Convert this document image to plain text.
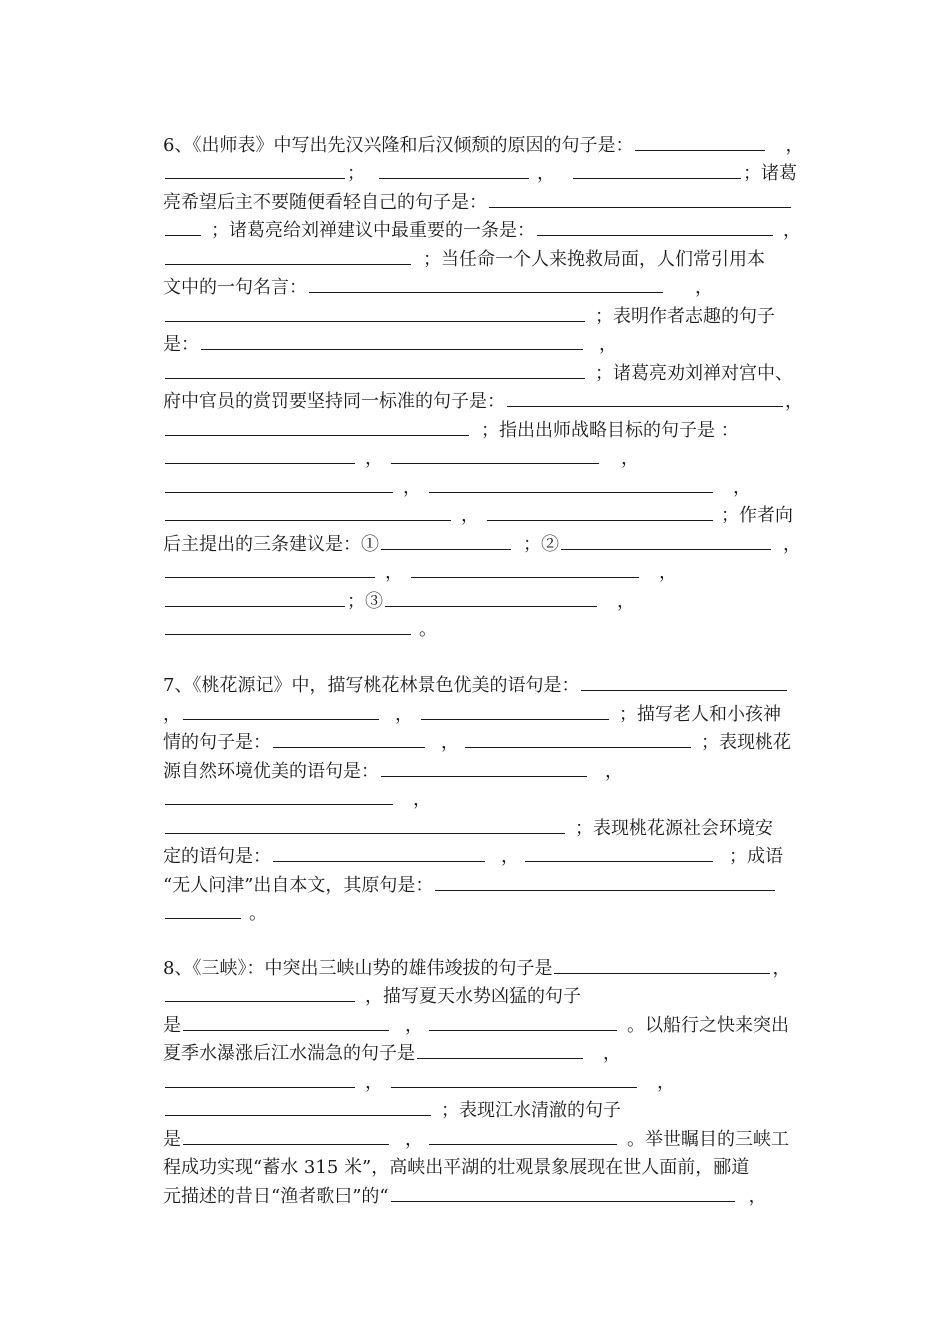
6、《出师表》中写出先汉兴隆和后汉倾颓的原因的句子是：	，
；	，	；诸葛
亮希望后主不要随便看轻自己的句子是：
；诸葛亮给刘禅建议中最重要的一条是：	，
；当任命一个人来挽救局面，人们常引用本
文中的一句名言：	，
；表明作者志趣的句子
是：	，
；诸葛亮劝刘禅对宫中、
府中官员的赏罚要坚持同一标准的句子是：	，
；指出出师战略目标的句子是 ：
，	，
，	，
，	；作者向
后主提出的三条建议是：①	；②	，
，	，
；③	，
。
7、《桃花源记》中，描写桃花林景色优美的语句是：
，	，	；描写老人和小孩神
情的句子是：	，	；表现桃花
源自然环境优美的语句是：	，
，
；表现桃花源社会环境安
定的语句是：	，	；成语
“无人问津”出自本文，其原句是：
。
8、《三峡》：中突出三峡山势的雄伟竣拔的句子是	，
，描写夏天水势凶猛的句子
是	，	。以船行之快来突出
夏季水瀑涨后江水湍急的句子是	，
，	，
；表现江水清澈的句子
是	，	。举世瞩目的三峡工
程成功实现“蓄水 315 米”，高峡出平湖的壮观景象展现在世人面前，郦道
元描述的昔日“渔者歌曰”的“	，
